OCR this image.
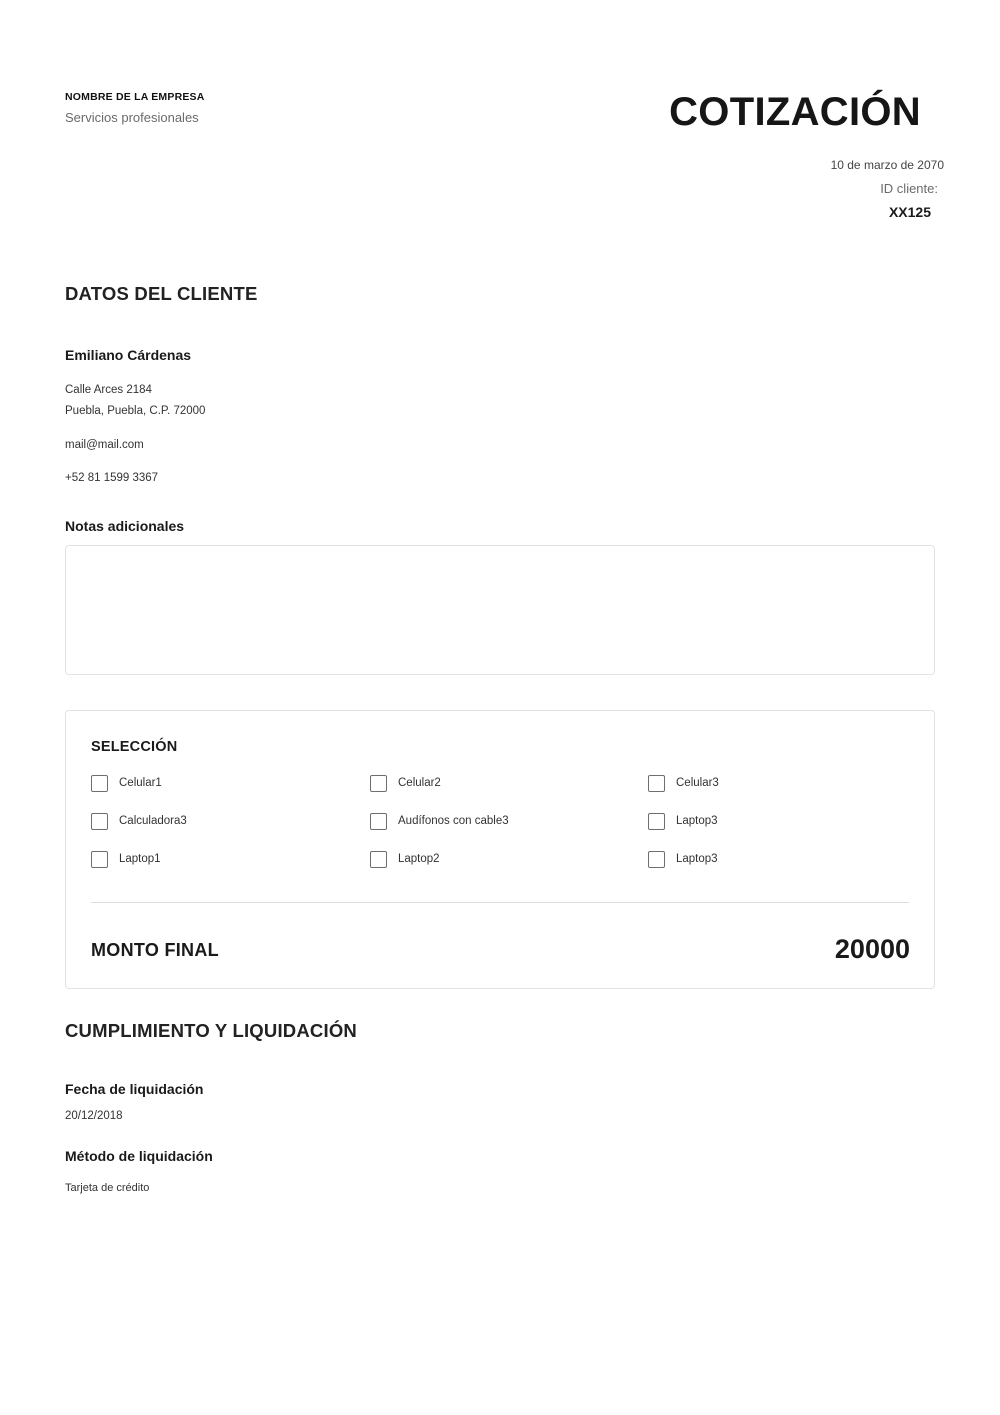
NOMBRE DE LA EMPRESA
Servicios profesionales	COTIZACIÓN
10 de marzo de 2070
ID cliente:
XX125
DATOS DEL CLIENTE
Emiliano Cárdenas
Calle Arces 2184
Puebla, Puebla, C.P. 72000
mail@mail.com
+52 81 1599 3367
Notas adicionales
SELECCIÓN
Celular1	Celular2	Celular3
Calculadora3	Audífonos con cable3	Laptop3
Laptop1	Laptop2	Laptop3
MONTO FINAL	20000
CUMPLIMIENTO Y LIQUIDACIÓN
Fecha de liquidación
20/12/2018
Método de liquidación
Tarjeta de crédito
